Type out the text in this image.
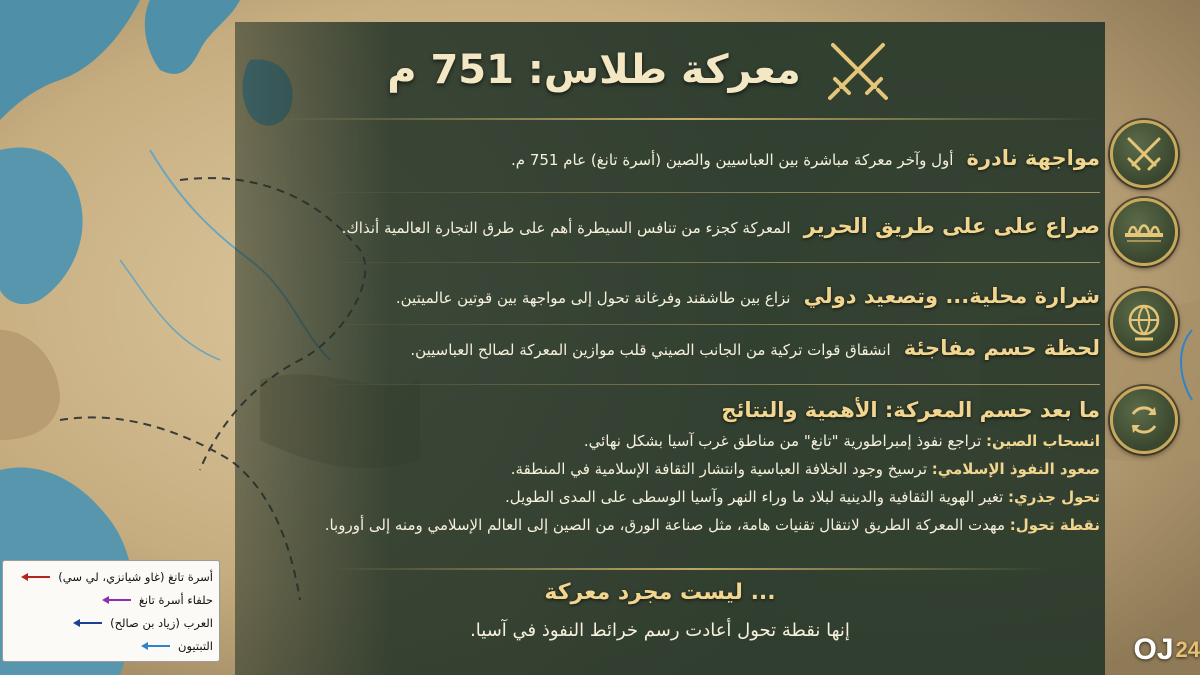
معركة طلاس: 751 م
مواجهة نادرة أول وآخر معركة مباشرة بين العباسيين والصين (أسرة تانغ) عام 751 م.
صراع على على طريق الحرير المعركة كجزء من تنافس السيطرة أهم على طرق التجارة العالمية أنذاك.
شرارة محلية... وتصعيد دولي نزاع بين طاشقند وفرغانة تحول إلى مواجهة بين قوتين عالميتين.
لحظة حسم مفاجئة انشقاق قوات تركية من الجانب الصيني قلب موازين المعركة لصالح العباسيين.
ما بعد حسم المعركة: الأهمية والنتائج
انسحاب الصين: تراجع نفوذ إمبراطورية "تانغ" من مناطق غرب آسيا بشكل نهائي.
صعود النفوذ الإسلامي: ترسيخ وجود الخلافة العباسية وانتشار الثقافة الإسلامية في المنطقة.
تحول جذري: تغير الهوية الثقافية والدينية لبلاد ما وراء النهر وآسيا الوسطى على المدى الطويل.
نقطة تحول: مهدت المعركة الطريق لانتقال تقنيات هامة، مثل صناعة الورق، من الصين إلى العالم الإسلامي ومنه إلى أوروبا.
... ليست مجرد معركة
إنها نقطة تحول أعادت رسم خرائط النفوذ في آسيا.
أسرة تانغ (غاو شيانزي، لي سي)
حلفاء أسرة تانغ
العرب (زياد بن صالح)
التبتيون	OJ 24
